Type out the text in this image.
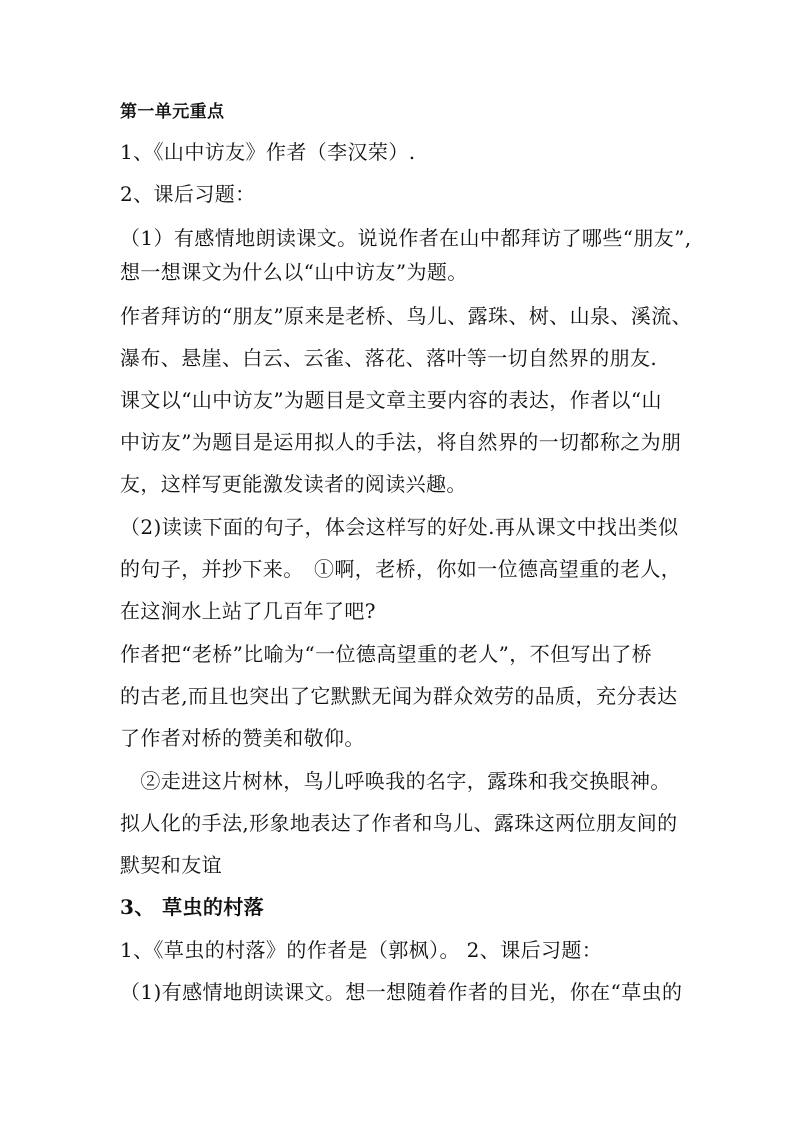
第一单元重点
1、《山中访友》作者（李汉荣）.
2、课后习题：
（1）有感情地朗读课文。说说作者在山中都拜访了哪些“朋友”,
想一想课文为什么以“山中访友”为题。
作者拜访的“朋友”原来是老桥、鸟儿、露珠、树、山泉、溪流、
瀑布、悬崖、白云、云雀、落花、落叶等一切自然界的朋友.
课文以“山中访友”为题目是文章主要内容的表达，作者以“山
中访友”为题目是运用拟人的手法，将自然界的一切都称之为朋
友，这样写更能激发读者的阅读兴趣。
（2)读读下面的句子，体会这样写的好处.再从课文中找出类似
的句子，并抄下来。　①啊，老桥，你如一位德高望重的老人，
在这涧水上站了几百年了吧?
作者把“老桥”比喻为“一位德高望重的老人”，不但写出了桥
的古老,而且也突出了它默默无闻为群众效劳的品质，充分表达
了作者对桥的赞美和敬仰。
　②走进这片树林，鸟儿呼唤我的名字，露珠和我交换眼神。
拟人化的手法,形象地表达了作者和鸟儿、露珠这两位朋友间的
默契和友谊
3、 草虫的村落
1、《草虫的村落》的作者是（郭枫）。 2、课后习题：
（1)有感情地朗读课文。想一想随着作者的目光，你在“草虫的
